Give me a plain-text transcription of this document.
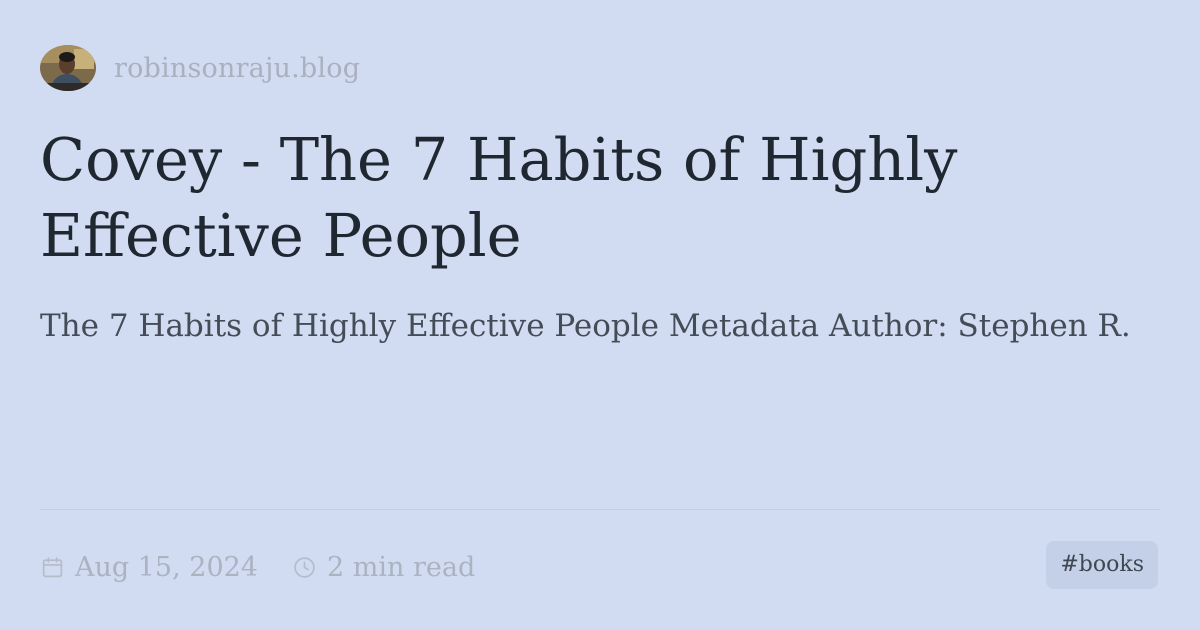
robinsonraju.blog
Covey - The 7 Habits of Highly Effective People

The 7 Habits of Highly Effective People Metadata Author: Stephen R.

Aug 15, 2024	2 min read	#books
